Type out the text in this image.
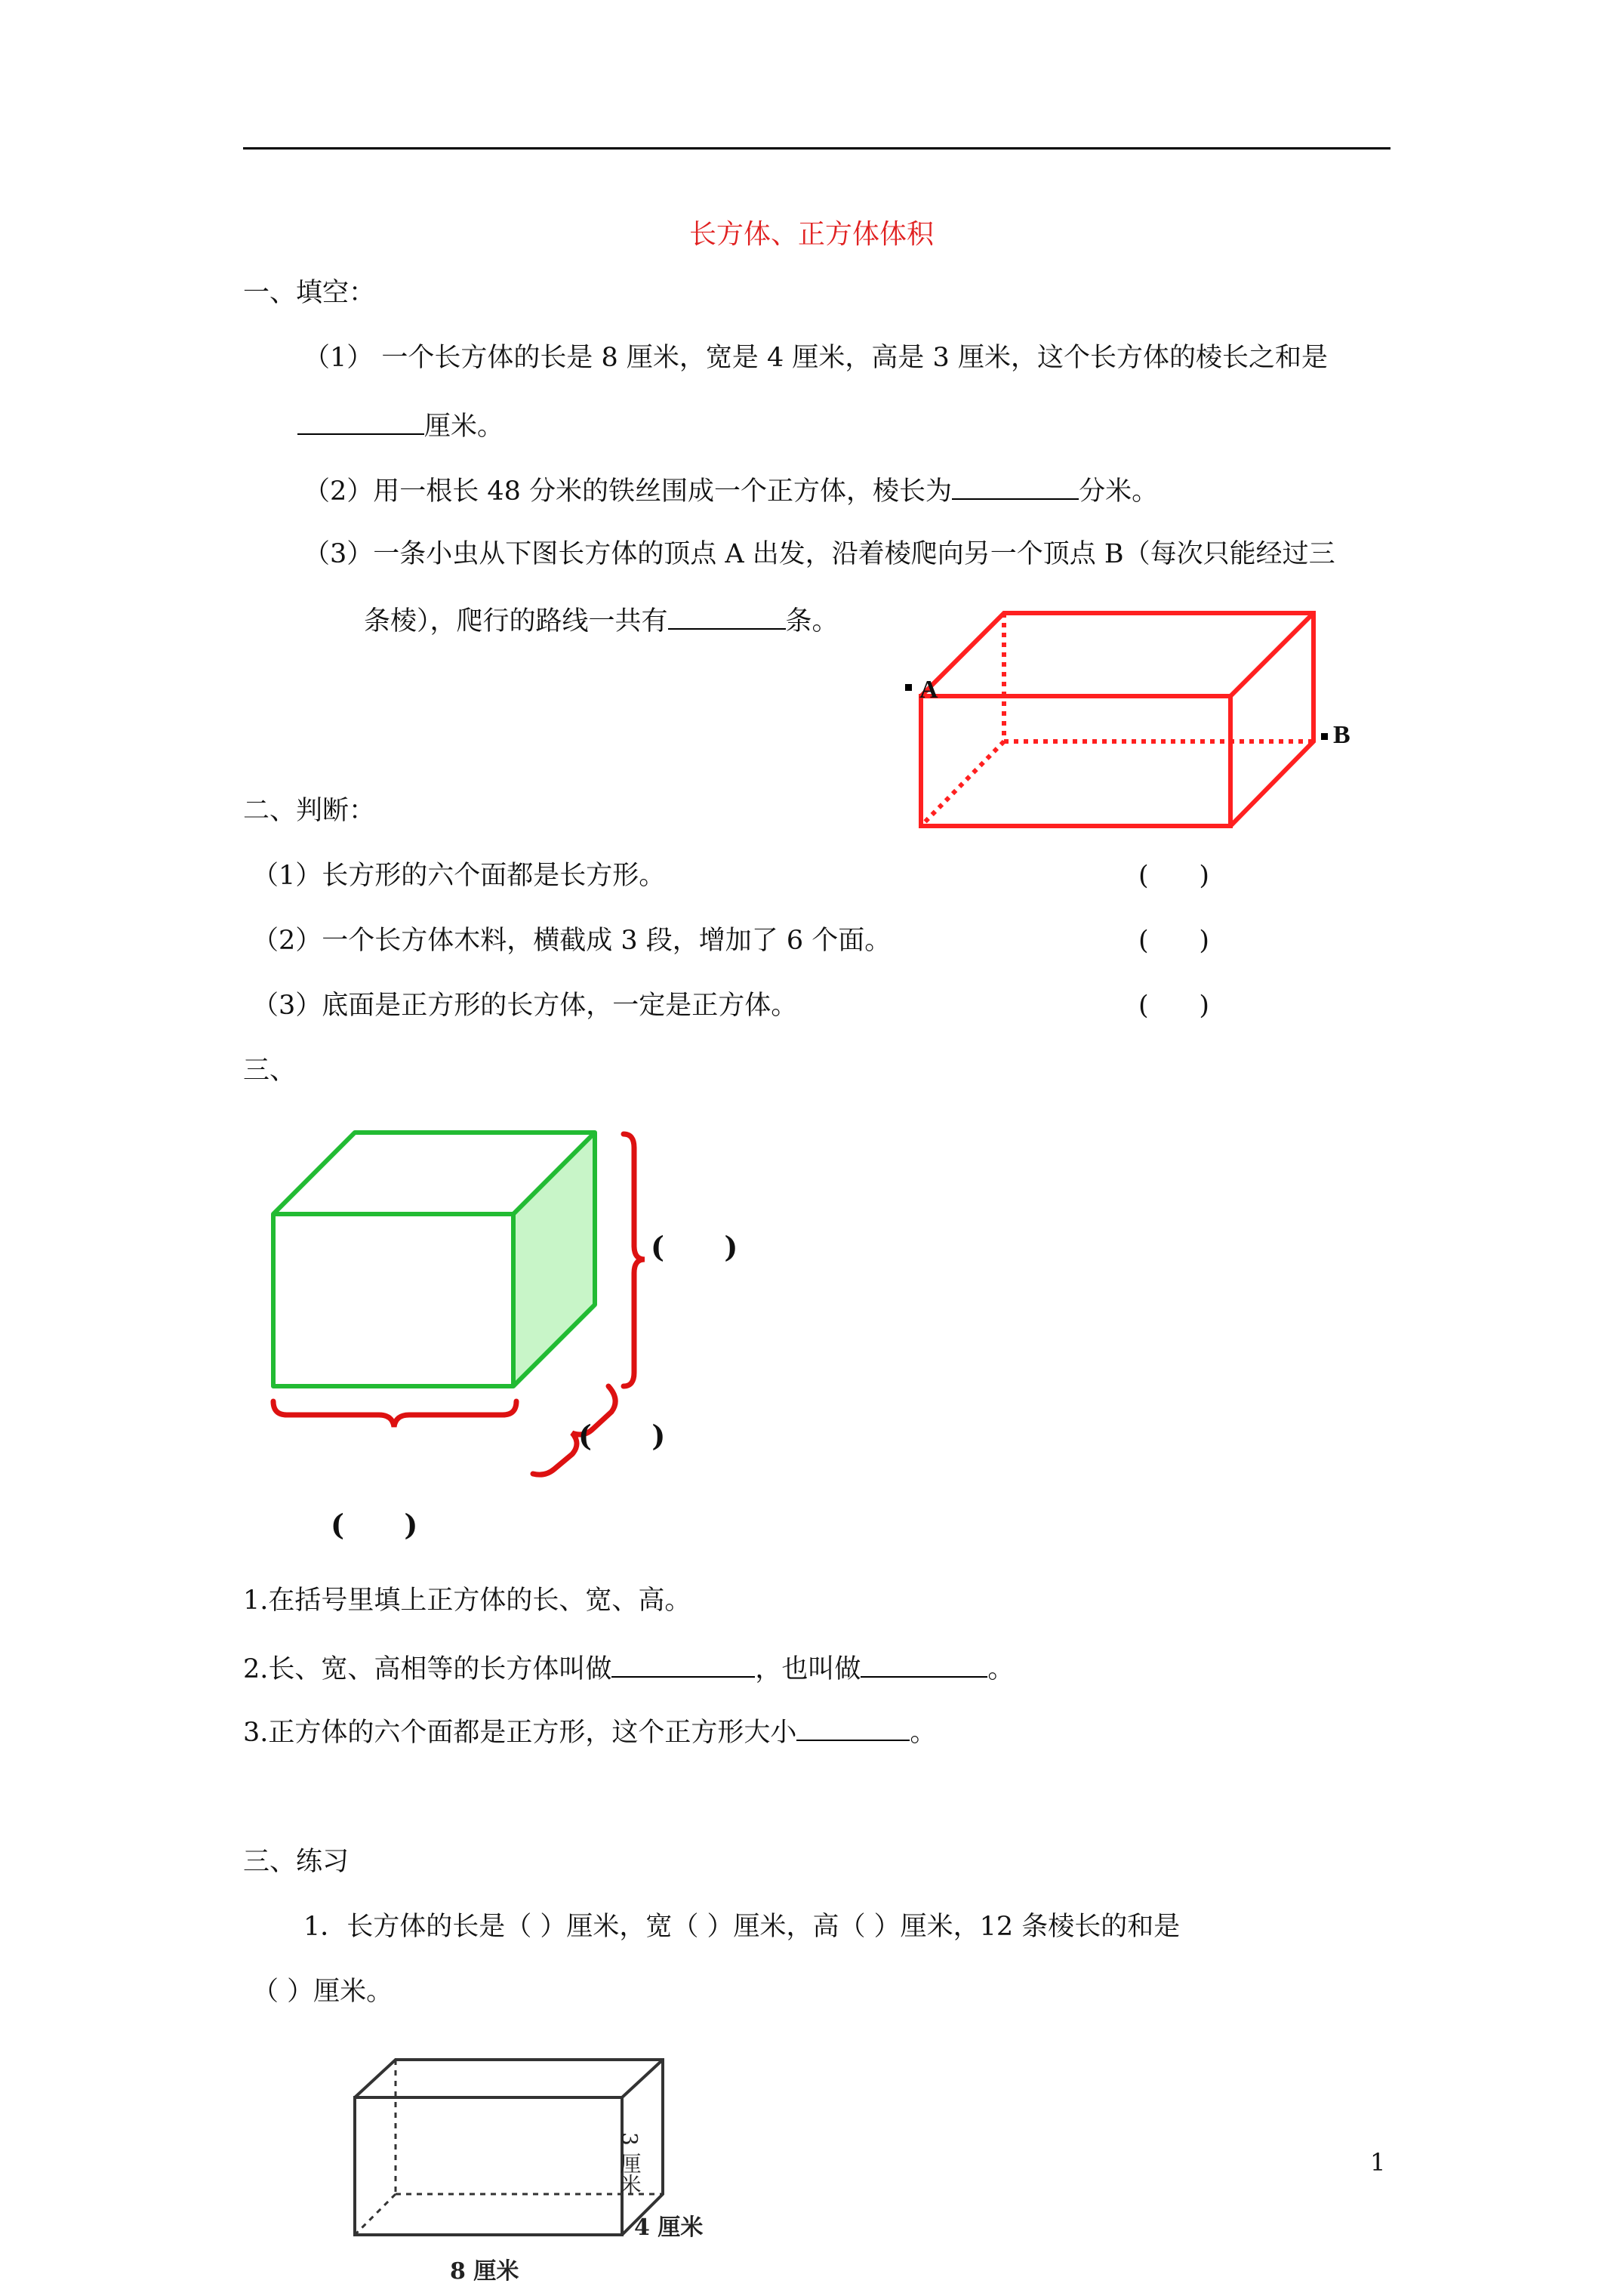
长方体、正方体体积
一、填空：
（1） 一个长方体的长是 8 厘米，宽是 4 厘米，高是 3 厘米，这个长方体的棱长之和是
厘米。
（2）用一根长 48 分米的铁丝围成一个正方体，棱长为	分米。
（3）一条小虫从下图长方体的顶点 A 出发，沿着棱爬向另一个顶点 B（每次只能经过三
条棱），爬行的路线一共有	条。
A
B
二、判断：
（1）长方形的六个面都是长方形。	(      )
（2）一个长方体木料，横截成 3 段，增加了 6 个面。	(      )
（3）底面是正方形的长方体，一定是正方体。	(      )
三、
(      )
(      )
(      )
1.在括号里填上正方体的长、宽、高。
2.长、宽、高相等的长方体叫做	，也叫做	。
3.正方体的六个面都是正方形，这个正方形大小	。
三、练习
1．长方体的长是（ ）厘米，宽（ ）厘米，高（ ）厘米，12 条棱长的和是
（ ）厘米。
3 厘米
4 厘米
8 厘米
1
